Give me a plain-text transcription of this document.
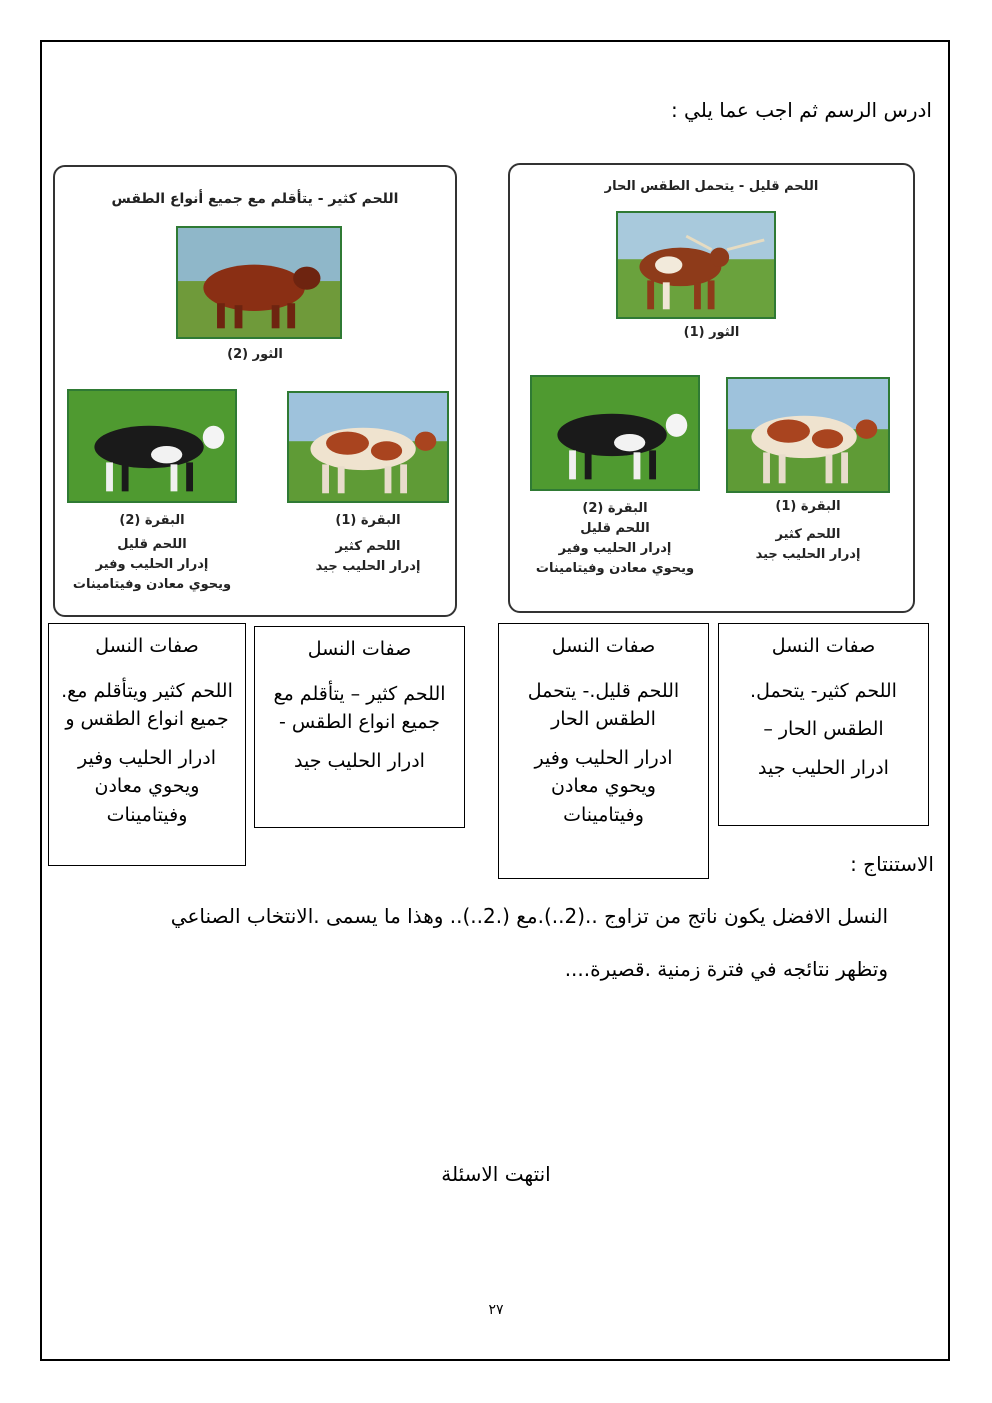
ادرس الرسم ثم اجب عما يلي :
اللحم كثير - يتأقلم مع جميع أنواع الطقس
الثور (2)
البقرة (1)
اللحم كثير
إدرار الحليب جيد
البقرة (2)
اللحم قليل
إدرار الحليب وفير
ويحوي معادن وفيتامينات
اللحم قليل - يتحمل الطقس الحار
الثور (1)
البقرة (1)
اللحم كثير
إدرار الحليب جيد
البقرة (2)
اللحم قليل
إدرار الحليب وفير
ويحوي معادن وفيتامينات
صفات النسل
اللحم كثير ويتأقلم مع.
جميع انواع الطقس و
ادرار الحليب وفير
ويحوي معادن
وفيتامينات
صفات النسل
اللحم كثير – يتأقلم مع
جميع انواع الطقس -
ادرار الحليب جيد
صفات النسل
اللحم قليل.- يتحمل
الطقس الحار
ادرار الحليب وفير
ويحوي معادن
وفيتامينات
صفات النسل
اللحم كثير- يتحمل.
الطقس الحار –
ادرار الحليب جيد
الاستنتاج :
النسل الافضل يكون ناتج من تزاوج ..(2..).مع (.2..).. وهذا ما يسمى .الانتخاب الصناعي
وتظهر نتائجه في فترة زمنية .قصيرة....
انتهت الاسئلة
٢٧
